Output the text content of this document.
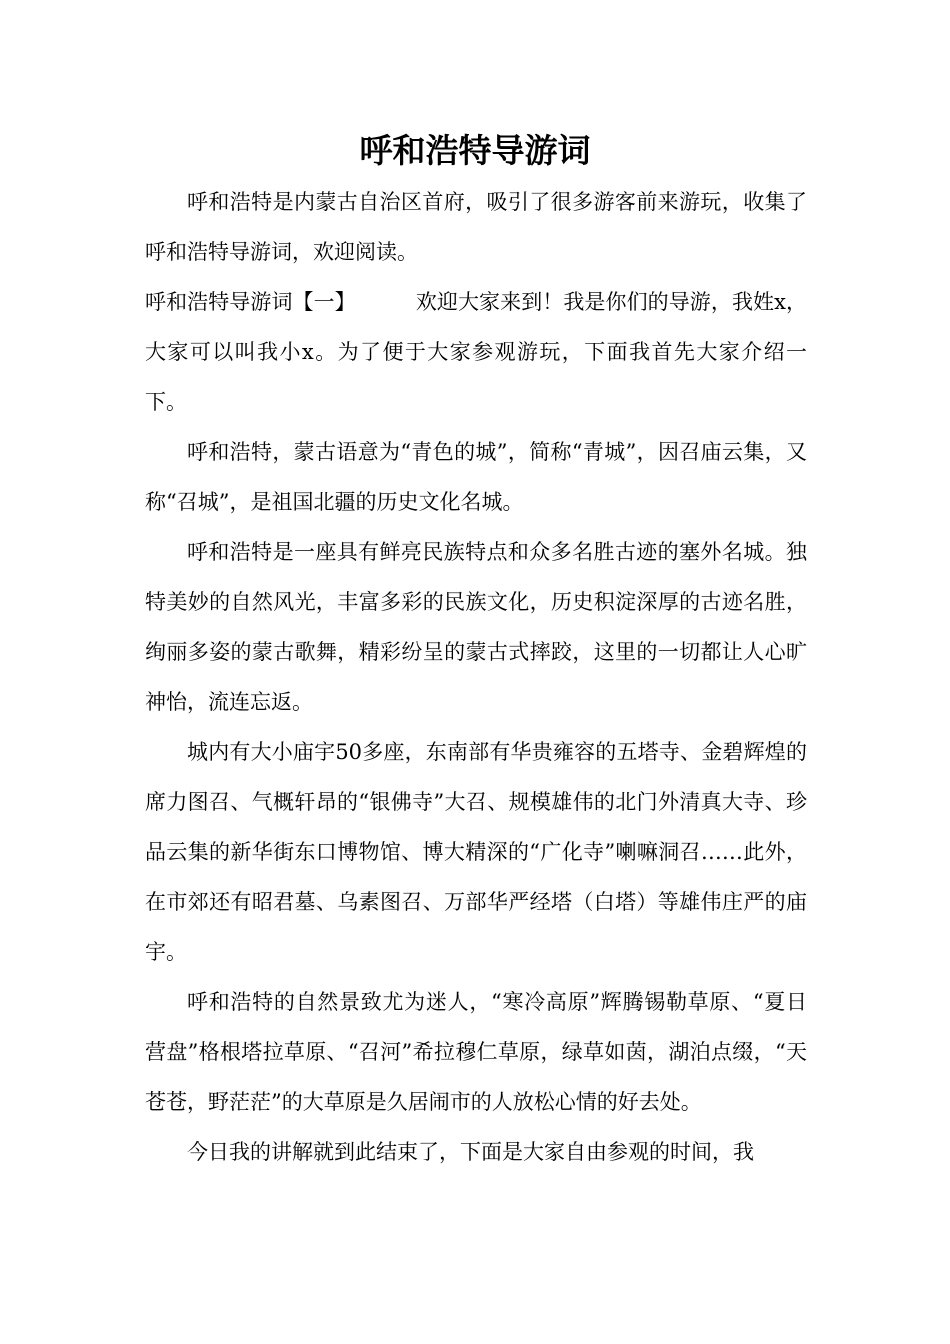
呼和浩特导游词

呼和浩特是内蒙古自治区首府，吸引了很多游客前来游玩，收集了呼和浩特导游词，欢迎阅读。

呼和浩特导游词【一】	欢迎大家来到！我是你们的导游，我姓x，大家可以叫我小x。为了便于大家参观游玩，下面我首先大家介绍一下。

呼和浩特，蒙古语意为“青色的城”，简称“青城”，因召庙云集，又称“召城”，是祖国北疆的历史文化名城。

呼和浩特是一座具有鲜亮民族特点和众多名胜古迹的塞外名城。独特美妙的自然风光，丰富多彩的民族文化，历史积淀深厚的古迹名胜，绚丽多姿的蒙古歌舞，精彩纷呈的蒙古式摔跤，这里的一切都让人心旷神怡，流连忘返。

城内有大小庙宇50多座，东南部有华贵雍容的五塔寺、金碧辉煌的席力图召、气概轩昂的“银佛寺”大召、规模雄伟的北门外清真大寺、珍品云集的新华街东口博物馆、博大精深的“广化寺”喇嘛洞召……此外，在市郊还有昭君墓、乌素图召、万部华严经塔（白塔）等雄伟庄严的庙宇。

呼和浩特的自然景致尤为迷人，“寒冷高原”辉腾锡勒草原、“夏日营盘”格根塔拉草原、“召河”希拉穆仁草原，绿草如茵，湖泊点缀，“天苍苍，野茫茫”的大草原是久居闹市的人放松心情的好去处。

今日我的讲解就到此结束了，下面是大家自由参观的时间，我
